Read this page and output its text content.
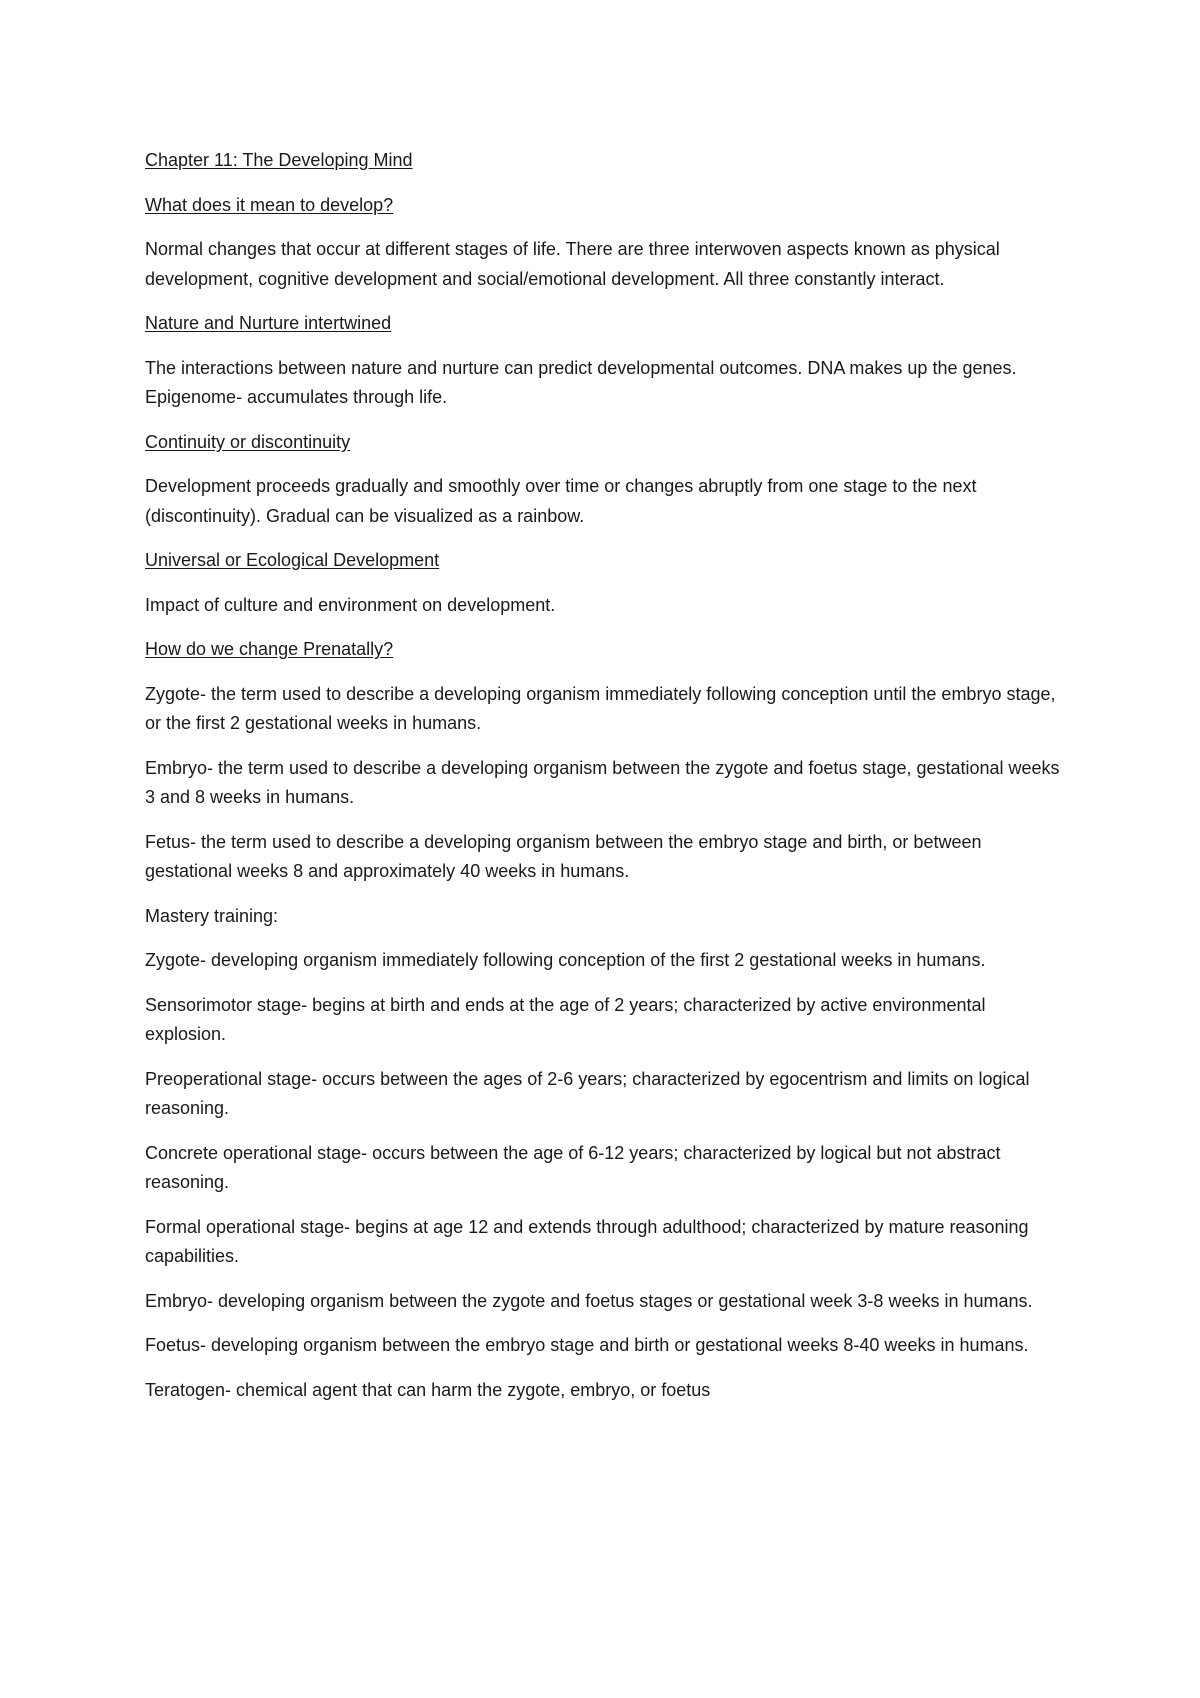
Chapter 11: The Developing Mind

What does it mean to develop?

Normal changes that occur at different stages of life. There are three interwoven aspects known as physical development, cognitive development and social/emotional development. All three constantly interact.

Nature and Nurture intertwined

The interactions between nature and nurture can predict developmental outcomes. DNA makes up the genes. Epigenome- accumulates through life.

Continuity or discontinuity

Development proceeds gradually and smoothly over time or changes abruptly from one stage to the next (discontinuity). Gradual can be visualized as a rainbow.

Universal or Ecological Development

Impact of culture and environment on development.

How do we change Prenatally?

Zygote- the term used to describe a developing organism immediately following conception until the embryo stage, or the first 2 gestational weeks in humans.

Embryo- the term used to describe a developing organism between the zygote and foetus stage, gestational weeks 3 and 8 weeks in humans.

Fetus- the term used to describe a developing organism between the embryo stage and birth, or between gestational weeks 8 and approximately 40 weeks in humans.

Mastery training:

Zygote- developing organism immediately following conception of the first 2 gestational weeks in humans.

Sensorimotor stage- begins at birth and ends at the age of 2 years; characterized by active environmental explosion.

Preoperational stage- occurs between the ages of 2-6 years; characterized by egocentrism and limits on logical reasoning.

Concrete operational stage- occurs between the age of 6-12 years; characterized by logical but not abstract reasoning.

Formal operational stage- begins at age 12 and extends through adulthood; characterized by mature reasoning capabilities.

Embryo- developing organism between the zygote and foetus stages or gestational week 3-8 weeks in humans.

Foetus- developing organism between the embryo stage and birth or gestational weeks 8-40 weeks in humans.

Teratogen- chemical agent that can harm the zygote, embryo, or foetus
